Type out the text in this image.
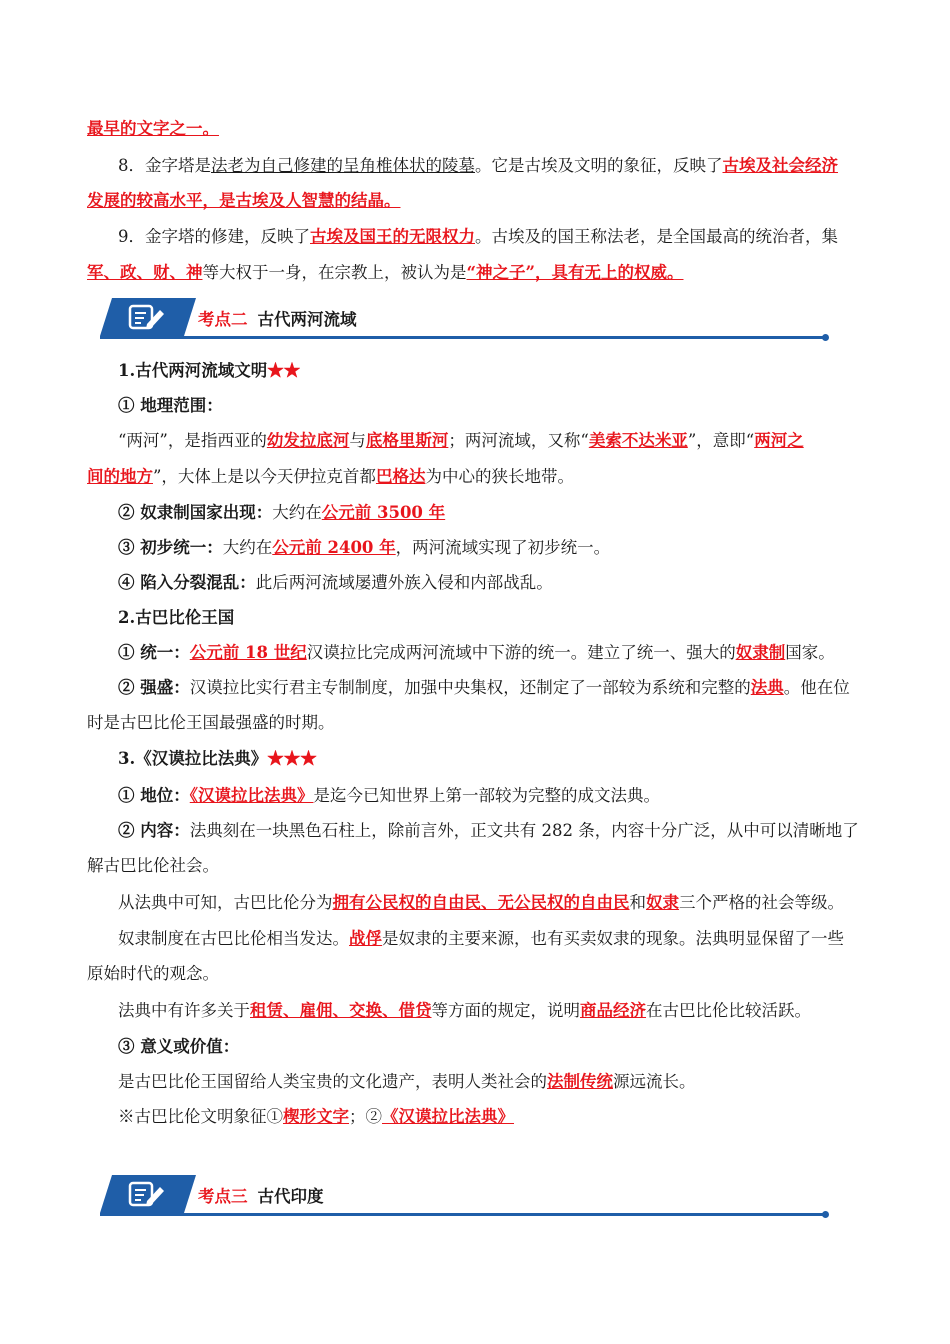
最早的文字之一。
8．金字塔是法老为自己修建的呈角椎体状的陵墓。它是古埃及文明的象征，反映了古埃及社会经济
发展的较高水平，是古埃及人智慧的结晶。
9．金字塔的修建，反映了古埃及国王的无限权力。古埃及的国王称法老，是全国最高的统治者，集
军、政、财、神等大权于一身，在宗教上，被认为是“神之子”，具有无上的权威。
考点二 古代两河流域
1.古代两河流域文明★★
① 地理范围：
“两河”，是指西亚的幼发拉底河与底格里斯河；两河流域，又称“美索不达米亚”，意即“两河之
间的地方”，大体上是以今天伊拉克首都巴格达为中心的狭长地带。
② 奴隶制国家出现：大约在公元前 3500 年
③ 初步统一：大约在公元前 2400 年，两河流域实现了初步统一。
④ 陷入分裂混乱：此后两河流域屡遭外族入侵和内部战乱。
2.古巴比伦王国
① 统一：公元前 18 世纪汉谟拉比完成两河流域中下游的统一。建立了统一、强大的奴隶制国家。
② 强盛：汉谟拉比实行君主专制制度，加强中央集权，还制定了一部较为系统和完整的法典。他在位
时是古巴比伦王国最强盛的时期。
3.《汉谟拉比法典》★★★
① 地位：《汉谟拉比法典》是迄今已知世界上第一部较为完整的成文法典。
② 内容：法典刻在一块黑色石柱上，除前言外，正文共有 282 条，内容十分广泛，从中可以清晰地了
解古巴比伦社会。
从法典中可知，古巴比伦分为拥有公民权的自由民、无公民权的自由民和奴隶三个严格的社会等级。
奴隶制度在古巴比伦相当发达。战俘是奴隶的主要来源，也有买卖奴隶的现象。法典明显保留了一些
原始时代的观念。
法典中有许多关于租赁、雇佣、交换、借贷等方面的规定，说明商品经济在古巴比伦比较活跃。
③ 意义或价值：
是古巴比伦王国留给人类宝贵的文化遗产，表明人类社会的法制传统源远流长。
※古巴比伦文明象征①楔形文字；②《汉谟拉比法典》
考点三 古代印度
